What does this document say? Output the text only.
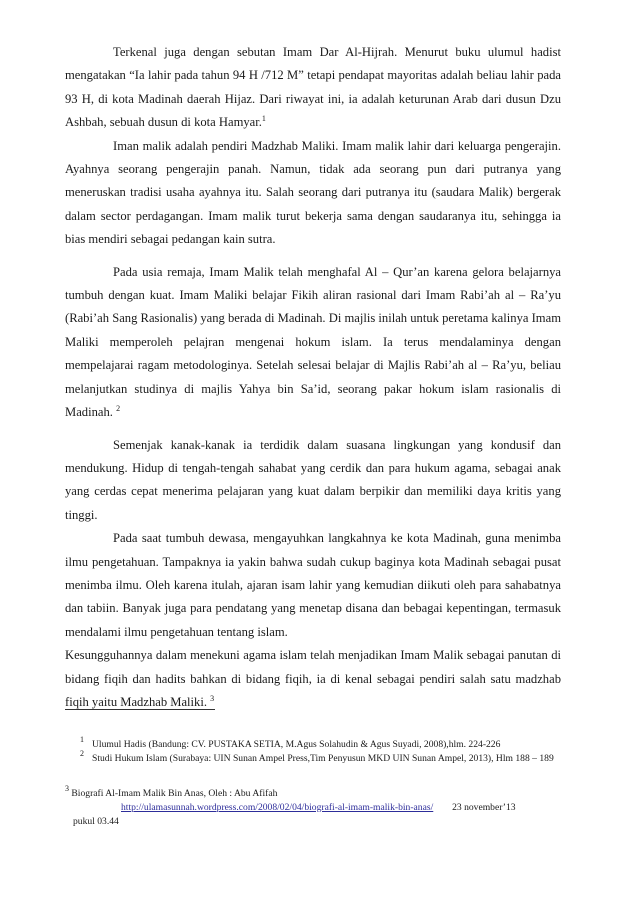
Terkenal juga dengan sebutan Imam Dar Al-Hijrah. Menurut buku ulumul hadist mengatakan “Ia lahir pada tahun 94 H /712 M” tetapi pendapat mayoritas adalah beliau lahir pada 93 H, di kota Madinah daerah Hijaz. Dari riwayat ini, ia adalah keturunan Arab dari dusun Dzu Ashbah, sebuah dusun di kota Hamyar.$^1$

Iman malik adalah pendiri Madzhab Maliki. Imam malik lahir dari keluarga pengerajin. Ayahnya seorang pengerajin panah. Namun, tidak ada seorang pun dari putranya yang meneruskan tradisi usaha ayahnya itu. Salah seorang dari putranya itu (saudara Malik) bergerak dalam sector perdagangan. Imam malik turut bekerja sama dengan saudaranya itu, sehingga ia bias mendiri sebagai pedangan kain sutra.

Pada usia remaja, Imam Malik telah menghafal Al – Qur’an karena gelora belajarnya tumbuh dengan kuat. Imam Maliki belajar Fikih aliran rasional dari Imam Rabi’ah al – Ra’yu (Rabi’ah Sang Rasionalis) yang berada di Madinah. Di majlis inilah untuk peretama kalinya Imam Maliki memperoleh pelajran mengenai hokum islam. Ia terus mendalaminya dengan mempelajarai ragam metodologinya. Setelah selesai belajar di Majlis Rabi’ah al – Ra’yu, beliau melanjutkan studinya di majlis Yahya bin Sa’id, seorang pakar hokum islam rasionalis di Madinah. $^2$

Semenjak kanak-kanak ia terdidik dalam suasana lingkungan yang kondusif dan mendukung. Hidup di tengah-tengah sahabat yang cerdik dan para hukum agama, sebagai anak yang cerdas cepat menerima pelajaran yang kuat dalam berpikir dan memiliki daya kritis yang tinggi.

Pada saat tumbuh dewasa, mengayuhkan langkahnya ke kota Madinah, guna menimba ilmu pengetahuan. Tampaknya ia yakin bahwa sudah cukup baginya kota Madinah sebagai pusat menimba ilmu. Oleh karena itulah, ajaran isam lahir yang kemudian diikuti oleh para sahabatnya dan tabiin. Banyak juga para pendatang yang menetap disana dan bebagai kepentingan, termasuk mendalami ilmu pengetahuan tentang islam.

Kesungguhannya dalam menekuni agama islam telah menjadikan Imam Malik sebagai panutan di bidang fiqih dan hadits bahkan di bidang fiqih, ia di kenal sebagai pendiri salah satu madzhab fiqih yaitu Madzhab Maliki. $^3$

$^1$ Ulumul Hadis (Bandung: CV. PUSTAKA SETIA, M.Agus Solahudin & Agus Suyadi, 2008),hlm. 224-226
$^2$ Studi Hukum Islam (Surabaya: UIN Sunan Ampel Press,Tim Penyusun MKD UIN Sunan Ampel, 2013), Hlm 188 – 189
$^3$ Biografi Al-Imam Malik Bin Anas, Oleh : Abu Afifah
http://ulamasunnah.wordpress.com/2008/02/04/biografi-al-imam-malik-bin-anas/ 23 november’13
pukul 03.44
